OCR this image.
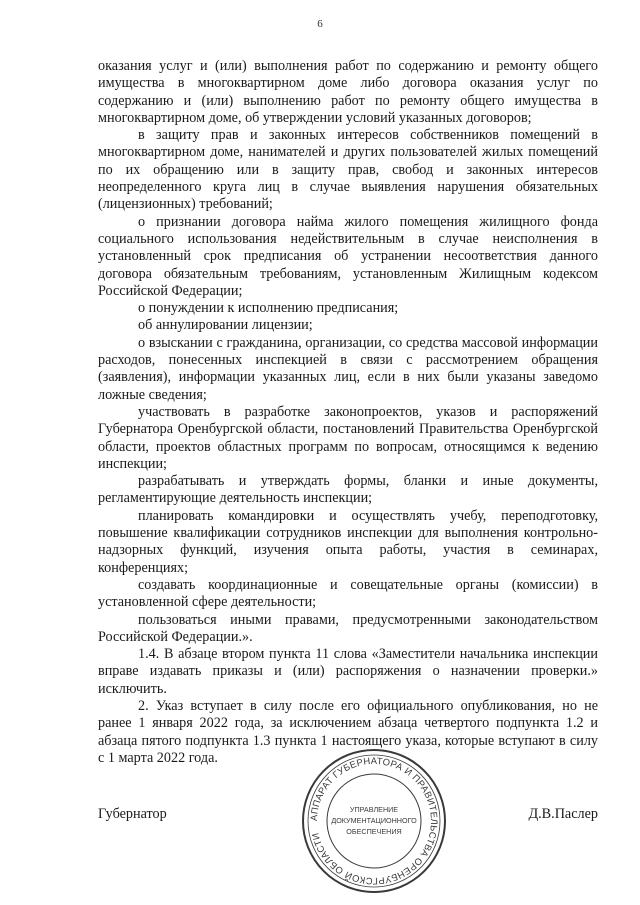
6

оказания услуг и (или) выполнения работ по содержанию и ремонту общего имущества в многоквартирном доме либо договора оказания услуг по содержанию и (или) выполнению работ по ремонту общего имущества в многоквартирном доме, об утверждении условий указанных договоров;

в защиту прав и законных интересов собственников помещений в многоквартирном доме, нанимателей и других пользователей жилых помещений по их обращению или в защиту прав, свобод и законных интересов неопределенного круга лиц в случае выявления нарушения обязательных (лицензионных) требований;

о признании договора найма жилого помещения жилищного фонда социального использования недействительным в случае неисполнения в установленный срок предписания об устранении несоответствия данного договора обязательным требованиям, установленным Жилищным кодексом Российской Федерации;

о понуждении к исполнению предписания;

об аннулировании лицензии;

о взыскании с гражданина, организации, со средства массовой информации расходов, понесенных инспекцией в связи с рассмотрением обращения (заявления), информации указанных лиц, если в них были указаны заведомо ложные сведения;

участвовать в разработке законопроектов, указов и распоряжений Губернатора Оренбургской области, постановлений Правительства Оренбургской области, проектов областных программ по вопросам, относящимся к ведению инспекции;

разрабатывать и утверждать формы, бланки и иные документы, регламентирующие деятельность инспекции;

планировать командировки и осуществлять учебу, переподготовку, повышение квалификации сотрудников инспекции для выполнения контрольно-надзорных функций, изучения опыта работы, участия в семинарах, конференциях;

создавать координационные и совещательные органы (комиссии) в установленной сфере деятельности;

пользоваться иными правами, предусмотренными законодательством Российской Федерации.».

1.4. В абзаце втором пункта 11 слова «Заместители начальника инспекции вправе издавать приказы и (или) распоряжения о назначении проверки.» исключить.

2. Указ вступает в силу после его официального опубликования, но не ранее 1 января 2022 года, за исключением абзаца четвертого подпункта 1.2 и абзаца пятого подпункта 1.3 пункта 1 настоящего указа, которые вступают в силу с 1 марта 2022 года.

Губернатор	Д.В.Паслер
АППАРАТ ГУБЕРНАТОРА И ПРАВИТЕЛЬСТВА ОРЕНБУРГСКОЙ ОБЛАСТИ
УПРАВЛЕНИЕ
ДОКУМЕНТАЦИОННОГО
ОБЕСПЕЧЕНИЯ
